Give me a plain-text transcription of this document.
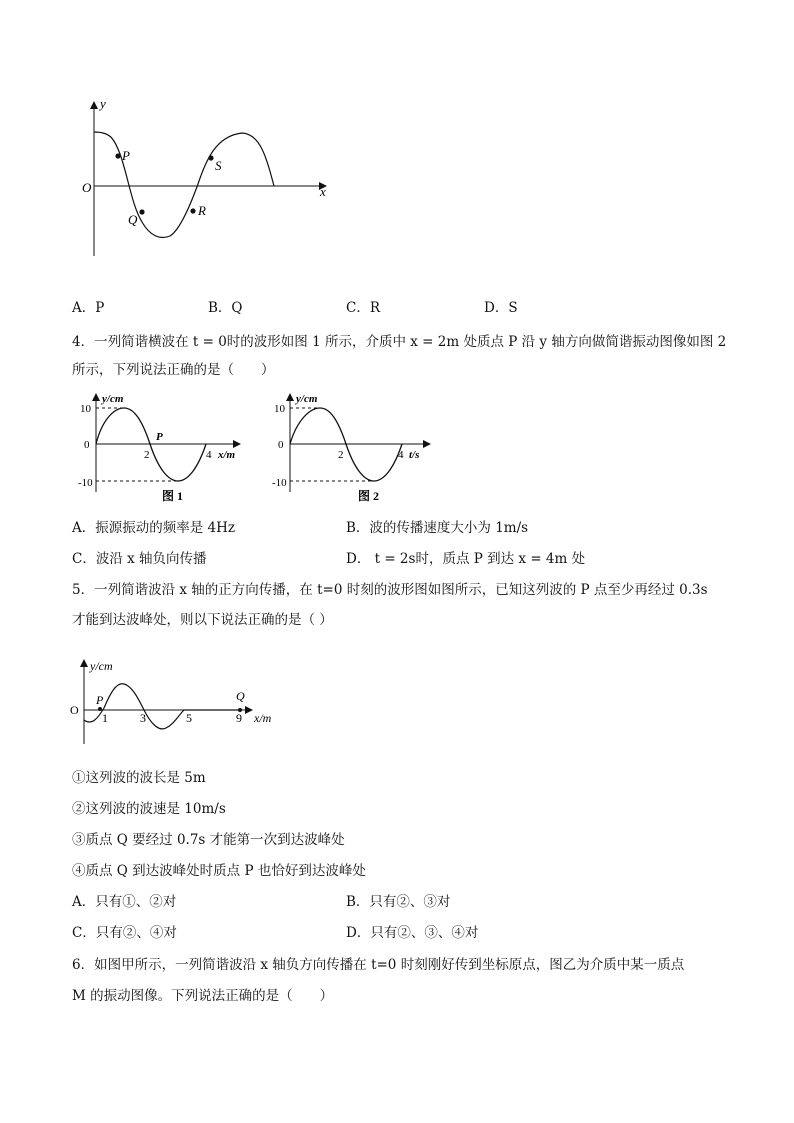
y
x
O
P
Q
R
S
A．P	B．Q	C．R	D．S
4．一列简谐横波在 t = 0时的波形如图 1 所示，介质中 x = 2m 处质点 P 沿 y 轴方向做简谐振动图像如图 2
所示，下列说法正确的是（　　）
y/cm
10
0
-10
2	4 x/m
P
图 1
y/cm
10
0
-10
2	4 t/s
图 2
A．振源振动的频率是 4Hz	B．波的传播速度大小为 1m/s
C．波沿 x 轴负向传播	D． t = 2s时，质点 P 到达 x = 4m 处
5．一列简谐波沿 x 轴的正方向传播，在 t=0 时刻的波形图如图所示，已知这列波的 P 点至少再经过 0.3s
才能到达波峰处，则以下说法正确的是（ ）
y/cm
O
P	Q
1	3	5	9 x/m
①这列波的波长是 5m
②这列波的波速是 10m/s
③质点 Q 要经过 0.7s 才能第一次到达波峰处
④质点 Q 到达波峰处时质点 P 也恰好到达波峰处
A．只有①、②对	B．只有②、③对
C．只有②、④对	D．只有②、③、④对
6．如图甲所示，一列简谐波沿 x 轴负方向传播在 t=0 时刻刚好传到坐标原点，图乙为介质中某一质点
M 的振动图像。下列说法正确的是（　　）
